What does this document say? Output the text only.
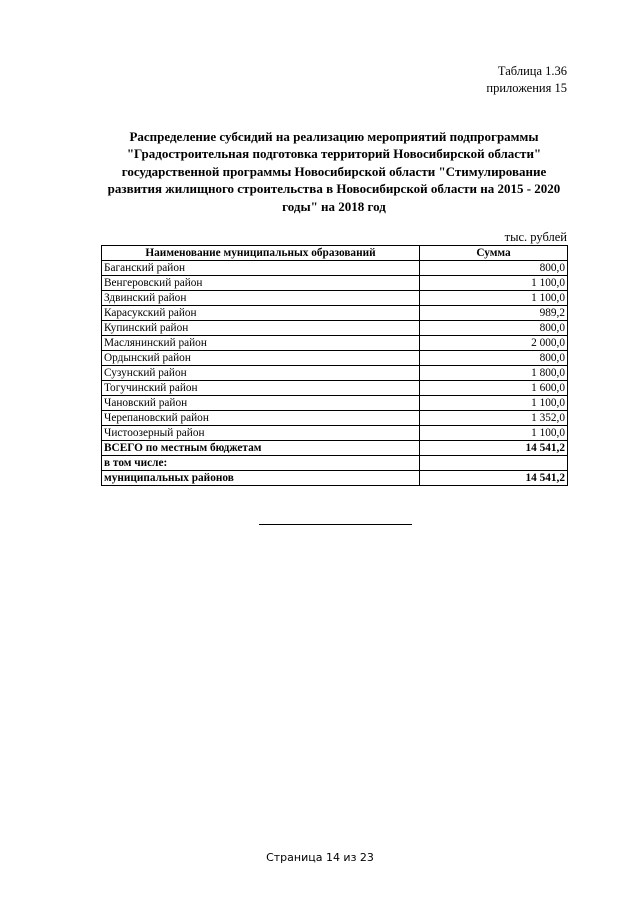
Таблица 1.36
приложения 15
Распределение субсидий на реализацию мероприятий подпрограммы "Градостроительная подготовка территорий Новосибирской области" государственной программы Новосибирской области "Стимулирование развития жилищного строительства в Новосибирской области на 2015 - 2020 годы" на 2018 год
тыс. рублей
Наименование муниципальных образований	Сумма
Баганский район	800,0
Венгеровский район	1 100,0
Здвинский район	1 100,0
Карасукский район	989,2
Купинский район	800,0
Маслянинский район	2 000,0
Ордынский район	800,0
Сузунский район	1 800,0
Тогучинский район	1 600,0
Чановский район	1 100,0
Черепановский район	1 352,0
Чистоозерный район	1 100,0
ВСЕГО по местным бюджетам	14 541,2
в том числе:	
муниципальных районов	14 541,2
Страница 14 из 23
